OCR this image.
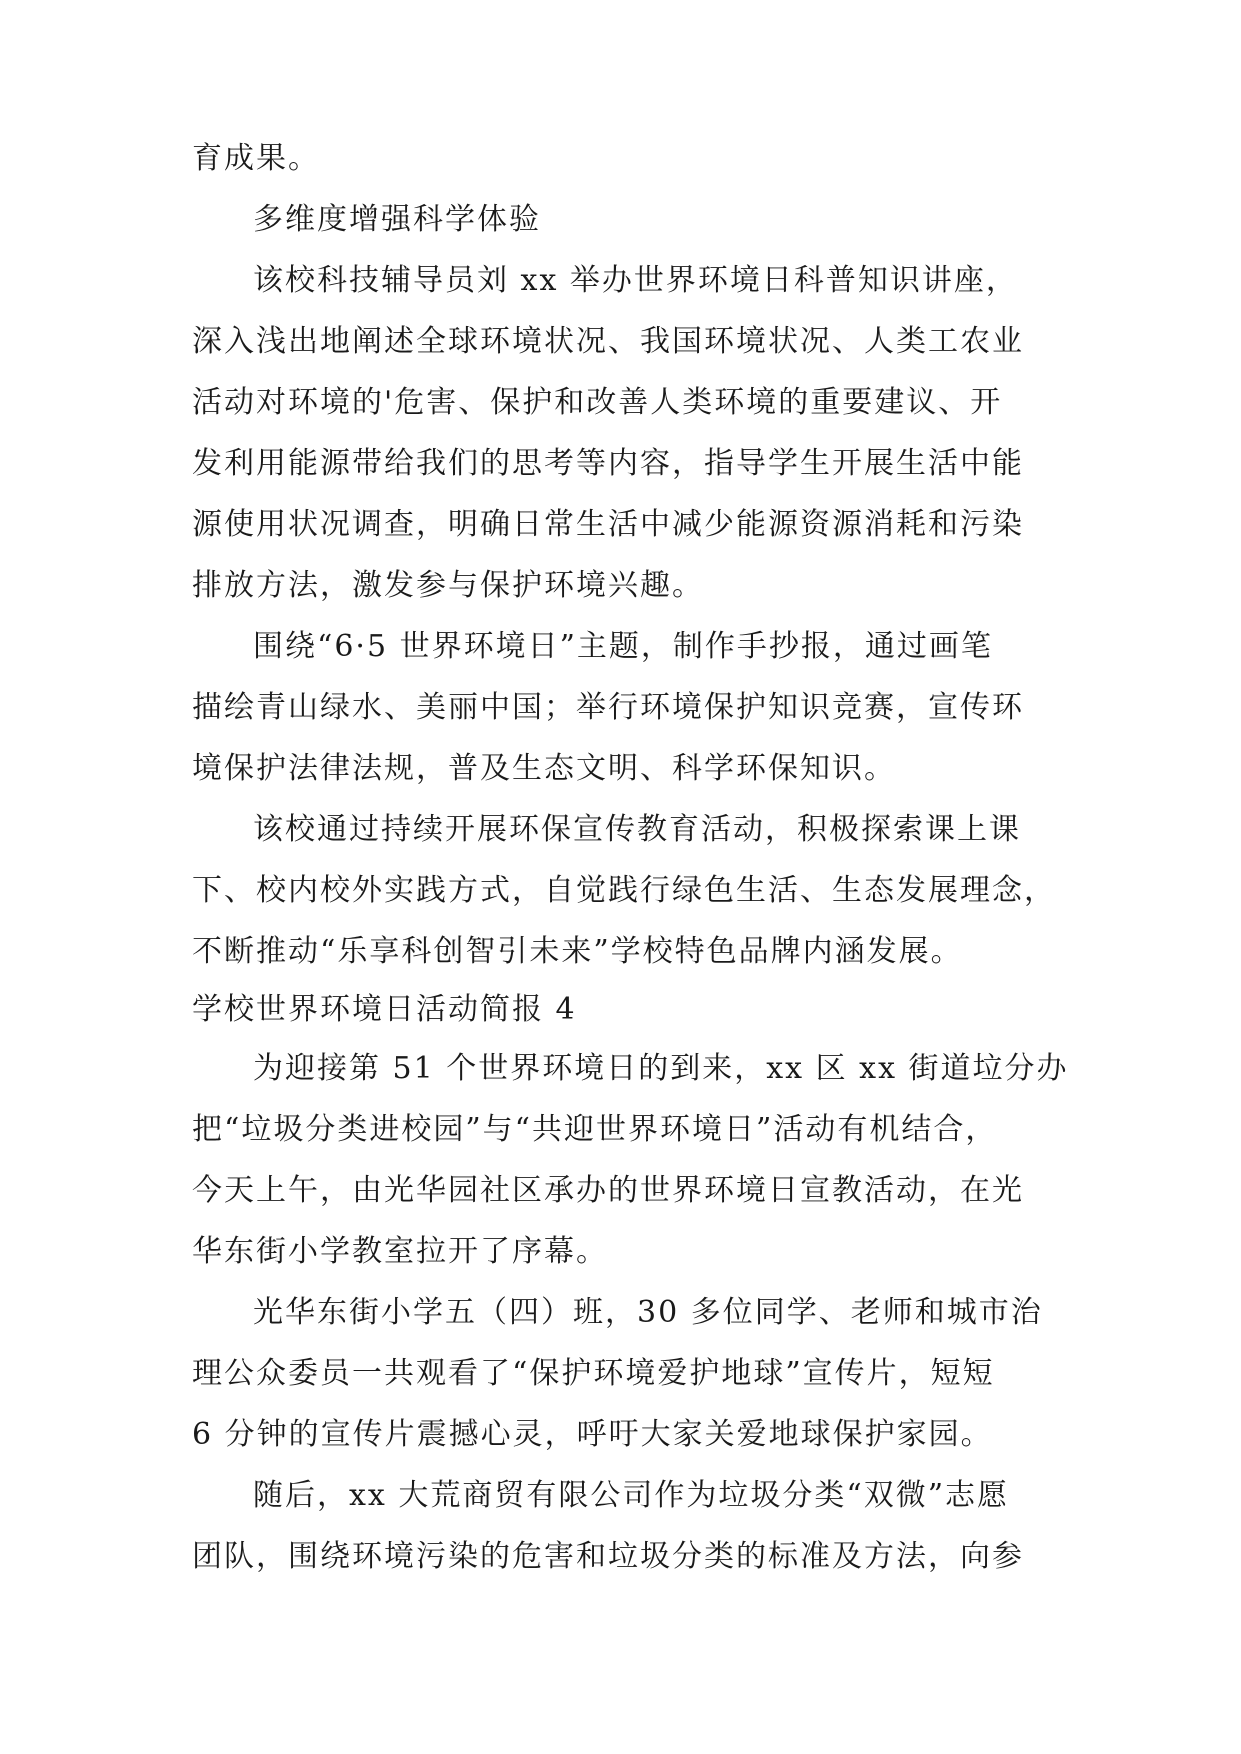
育成果。
多维度增强科学体验
该校科技辅导员刘 xx 举办世界环境日科普知识讲座，
深入浅出地阐述全球环境状况、我国环境状况、人类工农业
活动对环境的'危害、保护和改善人类环境的重要建议、开
发利用能源带给我们的思考等内容，指导学生开展生活中能
源使用状况调查，明确日常生活中减少能源资源消耗和污染
排放方法，激发参与保护环境兴趣。
围绕“6·5 世界环境日”主题，制作手抄报，通过画笔
描绘青山绿水、美丽中国；举行环境保护知识竞赛，宣传环
境保护法律法规，普及生态文明、科学环保知识。
该校通过持续开展环保宣传教育活动，积极探索课上课
下、校内校外实践方式，自觉践行绿色生活、生态发展理念，
不断推动“乐享科创智引未来”学校特色品牌内涵发展。
学校世界环境日活动简报 4
为迎接第 51 个世界环境日的到来，xx 区 xx 街道垃分办
把“垃圾分类进校园”与“共迎世界环境日”活动有机结合，
今天上午，由光华园社区承办的世界环境日宣教活动，在光
华东街小学教室拉开了序幕。
光华东街小学五（四）班，30 多位同学、老师和城市治
理公众委员一共观看了“保护环境爱护地球”宣传片，短短
6 分钟的宣传片震撼心灵，呼吁大家关爱地球保护家园。
随后，xx 大荒商贸有限公司作为垃圾分类“双微”志愿
团队，围绕环境污染的危害和垃圾分类的标准及方法，向参
